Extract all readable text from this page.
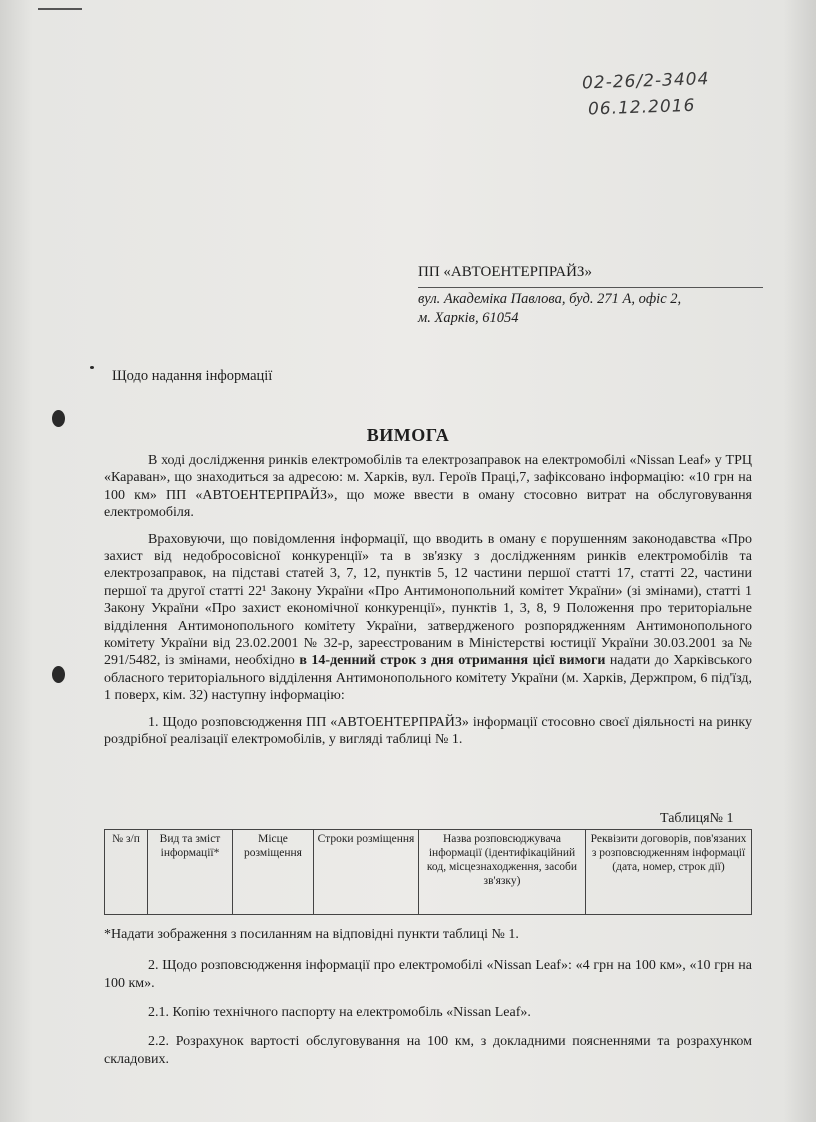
02-26/2-3404
06.12.2016
ПП «АВТОЕНТЕРПРАЙЗ»
вул. Академіка Павлова, буд. 271 А, офіс 2,
м. Харків, 61054
Щодо надання інформації
ВИМОГА

В ході дослідження ринків електромобілів та електрозаправок на електромобілі «Nissan Leaf» у ТРЦ «Караван», що знаходиться за адресою: м. Харків, вул. Героїв Праці,7, зафіксовано інформацію: «10 грн на 100 км» ПП «АВТОЕНТЕРПРАЙЗ», що може ввести в оману стосовно витрат на обслуговування електромобіля.

Враховуючи, що повідомлення інформації, що вводить в оману є порушенням законодавства «Про захист від недобросовісної конкуренції» та в зв'язку з дослідженням ринків електромобілів та електрозаправок, на підставі статей 3, 7, 12, пунктів 5, 12 частини першої статті 17, статті 22, частини першої та другої статті 22¹ Закону України «Про Антимонопольний комітет України» (зі змінами), статті 1 Закону України «Про захист економічної конкуренції», пунктів 1, 3, 8, 9 Положення про територіальне відділення Антимонопольного комітету України, затвердженого розпорядженням Антимонопольного комітету України від 23.02.2001 № 32-р, зареєстрованим в Міністерстві юстиції України 30.03.2001 за № 291/5482, із змінами, необхідно в 14-денний строк з дня отримання цієї вимоги надати до Харківського обласного територіального відділення Антимонопольного комітету України (м. Харків, Держпром, 6 під'їзд, 1 поверх, кім. 32) наступну інформацію:

1. Щодо розповсюдження ПП «АВТОЕНТЕРПРАЙЗ» інформації стосовно своєї діяльності на ринку роздрібної реалізації електромобілів, у вигляді таблиці № 1.

Таблиця№ 1
№ з/п	Вид та зміст інформації*	Місце розміщення	Строки розміщення	Назва розповсюджувача інформації (ідентифікаційний код, місцезнаходження, засоби зв'язку)	Реквізити договорів, пов'язаних з розповсюдженням інформації (дата, номер, строк дії)
*Надати зображення з посиланням на відповідні пункти таблиці № 1.

2. Щодо розповсюдження інформації про електромобілі «Nissan Leaf»: «4 грн на 100 км», «10 грн на 100 км».

2.1. Копію технічного паспорту на електромобіль «Nissan Leaf».

2.2. Розрахунок вартості обслуговування на 100 км, з докладними поясненнями та розрахунком складових.
